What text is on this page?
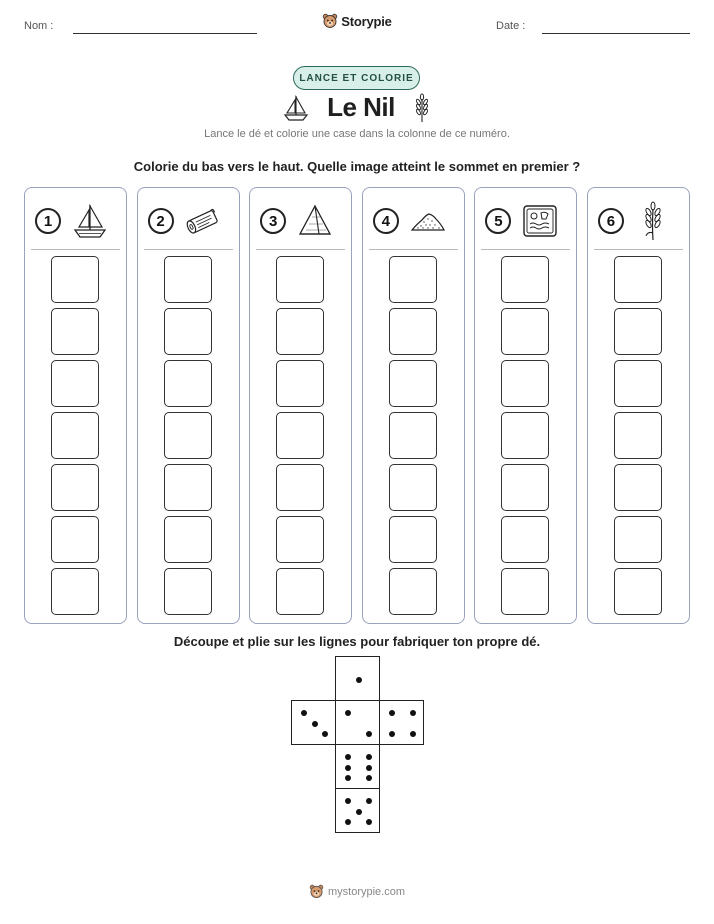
Nom :	Storypie	Date :
LANCE ET COLORIE
Le Nil
Lance le dé et colorie une case dans la colonne de ce numéro.
Colorie du bas vers le haut. Quelle image atteint le sommet en premier ?
1	2	3	4	5	6
Découpe et plie sur les lignes pour fabriquer ton propre dé.
mystorypie.com
